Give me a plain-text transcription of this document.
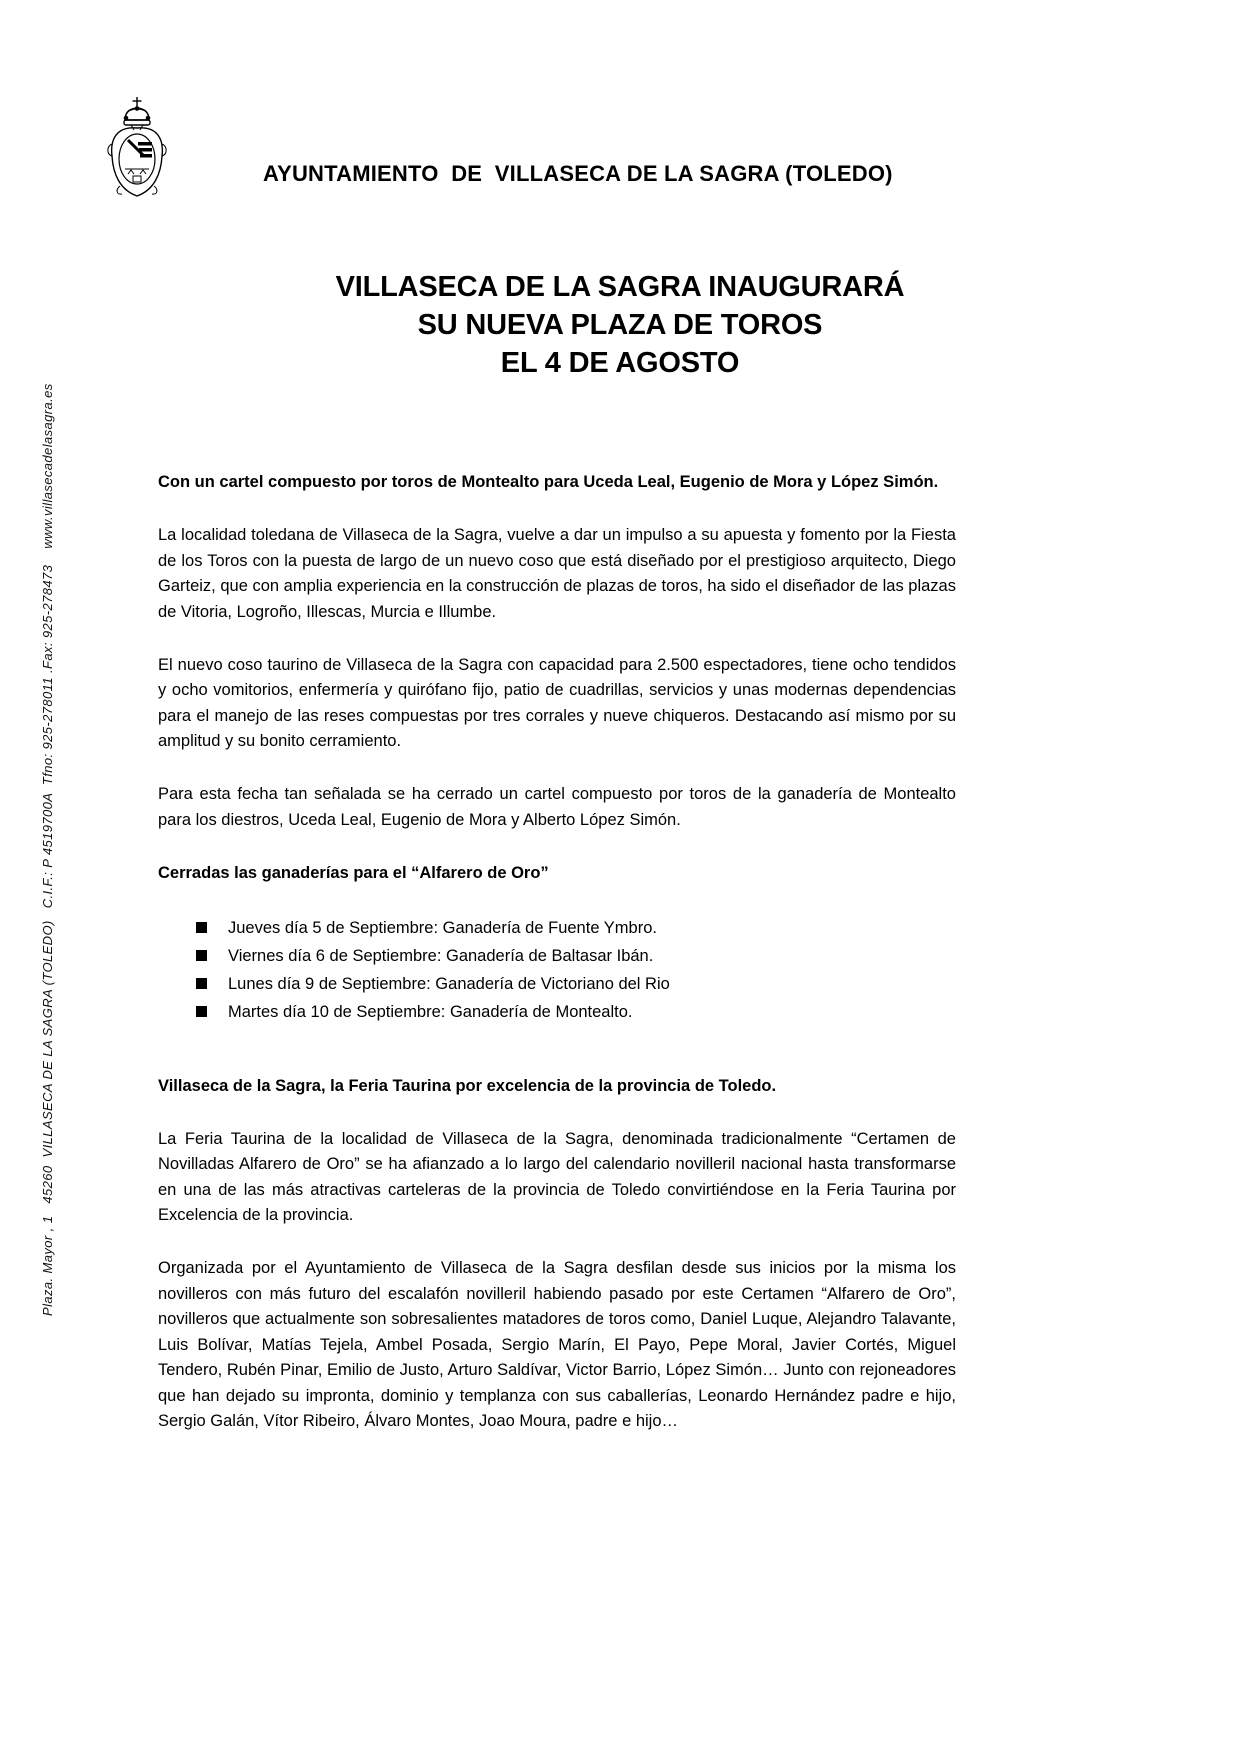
Plaza. Mayor , 1   45260  VILLASECA DE LA SAGRA (TOLEDO)   C.I.F.: P 4519700A  Tfno: 925-278011 .Fax: 925-278473    www.villasecadelasagra.es
AYUNTAMIENTO  DE  VILLASECA DE LA SAGRA (TOLEDO)
VILLASECA DE LA SAGRA INAUGURARÁ
SU NUEVA PLAZA DE TOROS
EL 4 DE AGOSTO

Con un cartel compuesto por toros de Montealto para Uceda Leal, Eugenio de Mora y López Simón.

La localidad toledana de Villaseca de la Sagra, vuelve a dar un impulso a su apuesta y fomento por la Fiesta de los Toros con la puesta de largo de un nuevo coso que está diseñado por el prestigioso arquitecto, Diego Garteiz, que con amplia experiencia en la construcción de plazas de toros, ha sido el diseñador de las plazas de Vitoria, Logroño, Illescas, Murcia e Illumbe.

El nuevo coso taurino de Villaseca de la Sagra con capacidad para 2.500 espectadores, tiene ocho tendidos y ocho vomitorios, enfermería y quirófano fijo, patio de cuadrillas, servicios y unas modernas dependencias para el manejo de las reses compuestas por tres corrales y nueve chiqueros. Destacando así mismo por su amplitud y su bonito cerramiento.

Para esta fecha tan señalada se ha cerrado un cartel compuesto por toros de la ganadería de Montealto para los diestros, Uceda Leal, Eugenio de Mora y Alberto López Simón.

Cerradas las ganaderías para el “Alfarero de Oro”
Jueves día 5 de Septiembre: Ganadería de Fuente Ymbro.
Viernes día 6 de Septiembre: Ganadería de Baltasar Ibán.
Lunes día 9 de Septiembre: Ganadería de Victoriano del Rio
Martes día 10 de Septiembre: Ganadería de Montealto.
Villaseca de la Sagra, la Feria Taurina por excelencia de la provincia de Toledo.

La Feria Taurina de la localidad de Villaseca de la Sagra, denominada tradicionalmente “Certamen de Novilladas Alfarero de Oro” se ha afianzado a lo largo del calendario novilleril nacional hasta transformarse en una de las más atractivas carteleras de la provincia de Toledo convirtiéndose en la Feria Taurina por Excelencia de la provincia.

Organizada por el Ayuntamiento de Villaseca de la Sagra desfilan desde sus inicios por la misma los novilleros con más futuro del escalafón novilleril habiendo pasado por este Certamen “Alfarero de Oro”, novilleros que actualmente son sobresalientes matadores de toros como, Daniel Luque, Alejandro Talavante, Luis Bolívar, Matías Tejela, Ambel Posada, Sergio Marín, El Payo, Pepe Moral, Javier Cortés, Miguel Tendero, Rubén Pinar, Emilio de Justo, Arturo Saldívar, Victor Barrio, López Simón… Junto con rejoneadores que han dejado su impronta, dominio y templanza con sus caballerías, Leonardo Hernández padre e hijo, Sergio Galán, Vítor Ribeiro, Álvaro Montes, Joao Moura, padre e hijo…
